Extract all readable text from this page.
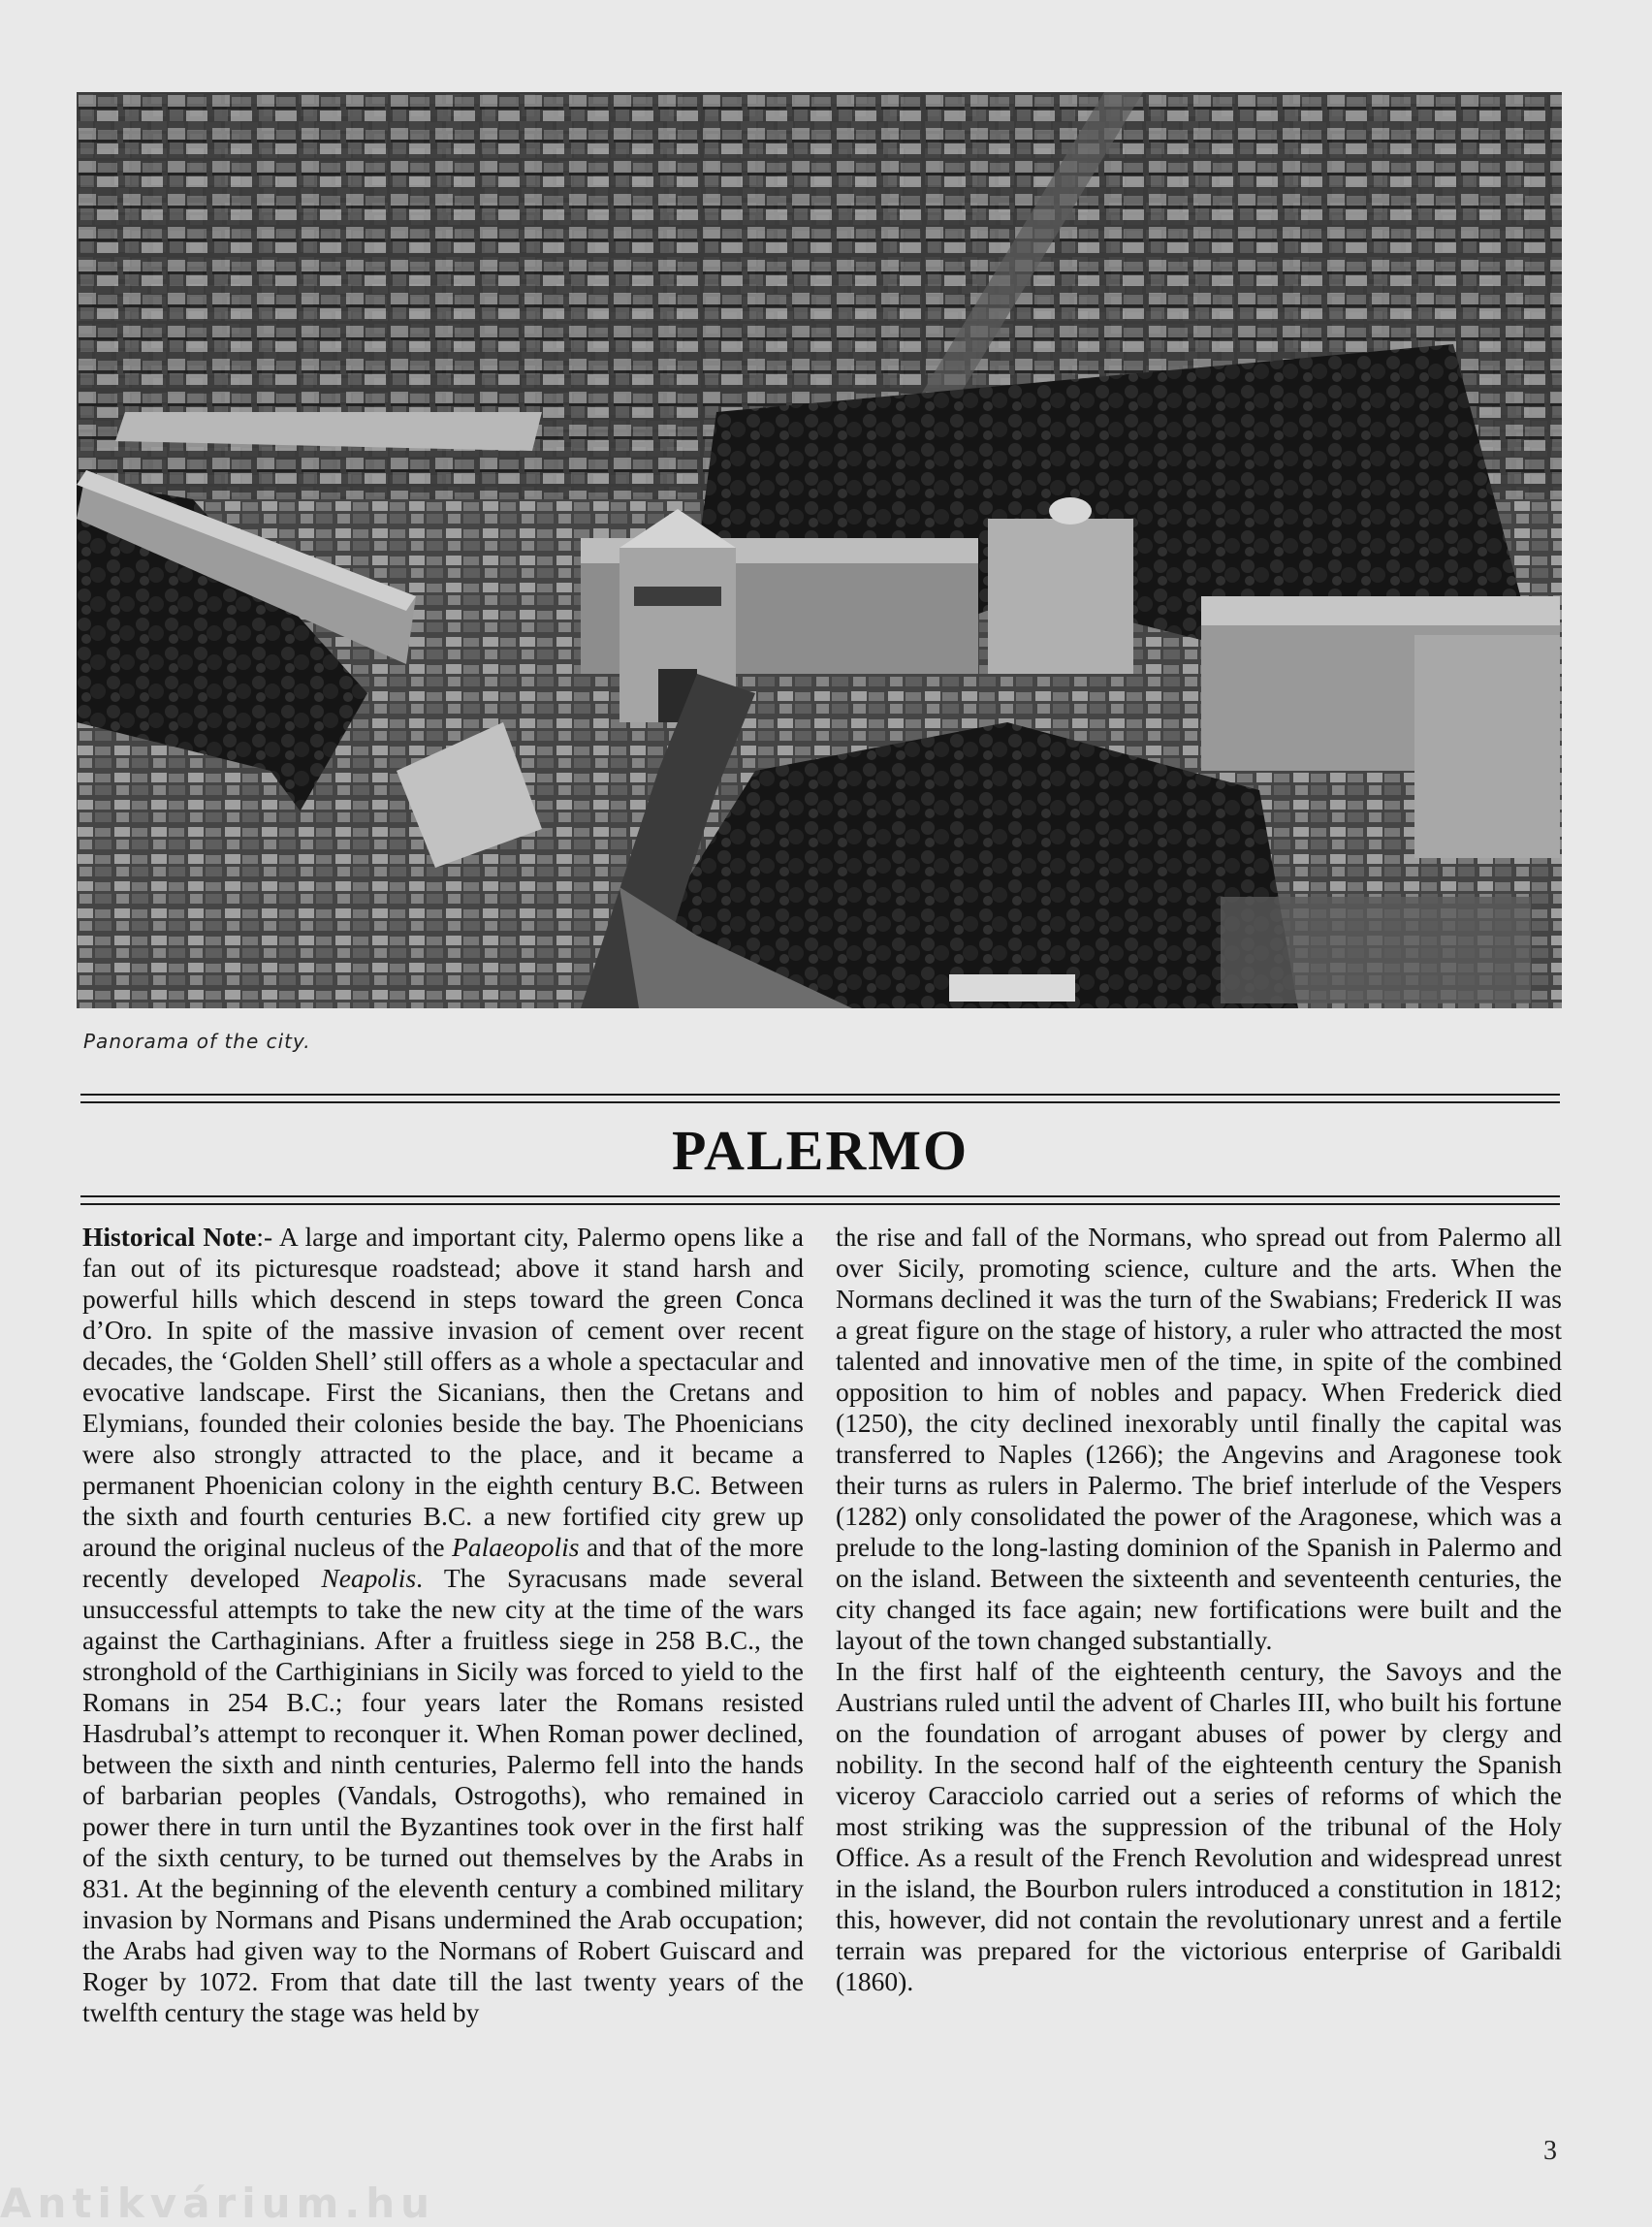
Panorama of the city.
PALERMO

Historical Note:- A large and important city, Palermo opens like a fan out of its picturesque roadstead; above it stand harsh and powerful hills which descend in steps toward the green Conca d’Oro. In spite of the massive invasion of cement over recent decades, the ‘Golden Shell’ still offers as a whole a spectacular and evocative landscape. First the Sicanians, then the Cretans and Elymians, founded their colonies beside the bay. The Phoenicians were also strongly attracted to the place, and it became a permanent Phoenician colony in the eighth century B.C. Between the sixth and fourth centuries B.C. a new fortified city grew up around the original nucleus of the Palaeopolis and that of the more recently developed Neapolis. The Syracusans made several unsuccessful attempts to take the new city at the time of the wars against the Carthaginians. After a fruitless siege in 258 B.C., the stronghold of the Carthiginians in Sicily was forced to yield to the Romans in 254 B.C.; four years later the Romans resisted Hasdrubal’s attempt to reconquer it. When Roman power declined, between the sixth and ninth centuries, Palermo fell into the hands of barbarian peoples (Vandals, Ostrogoths), who remained in power there in turn until the Byzantines took over in the first half of the sixth century, to be turned out themselves by the Arabs in 831. At the beginning of the eleventh century a combined military invasion by Normans and Pisans undermined the Arab occupation; the Arabs had given way to the Normans of Robert Guiscard and Roger by 1072. From that date till the last twenty years of the twelfth century the stage was held by

the rise and fall of the Normans, who spread out from Palermo all over Sicily, promoting science, culture and the arts. When the Normans declined it was the turn of the Swabians; Frederick II was a great figure on the stage of history, a ruler who attracted the most talented and innovative men of the time, in spite of the combined opposition to him of nobles and papacy. When Frederick died (1250), the city declined inexorably until finally the capital was transferred to Naples (1266); the Angevins and Aragonese took their turns as rulers in Palermo. The brief interlude of the Vespers (1282) only consolidated the power of the Aragonese, which was a prelude to the long-lasting dominion of the Spanish in Palermo and on the island. Between the sixteenth and seventeenth centuries, the city changed its face again; new fortifications were built and the layout of the town changed substantially.

In the first half of the eighteenth century, the Savoys and the Austrians ruled until the advent of Charles III, who built his fortune on the foundation of arrogant abuses of power by clergy and nobility. In the second half of the eighteenth century the Spanish viceroy Caracciolo carried out a series of reforms of which the most striking was the suppression of the tribunal of the Holy Office. As a result of the French Revolution and widespread unrest in the island, the Bourbon rulers introduced a constitution in 1812; this, however, did not contain the revolutionary unrest and a fertile terrain was prepared for the victorious enterprise of Garibaldi (1860).

3
Antikvárium.hu
